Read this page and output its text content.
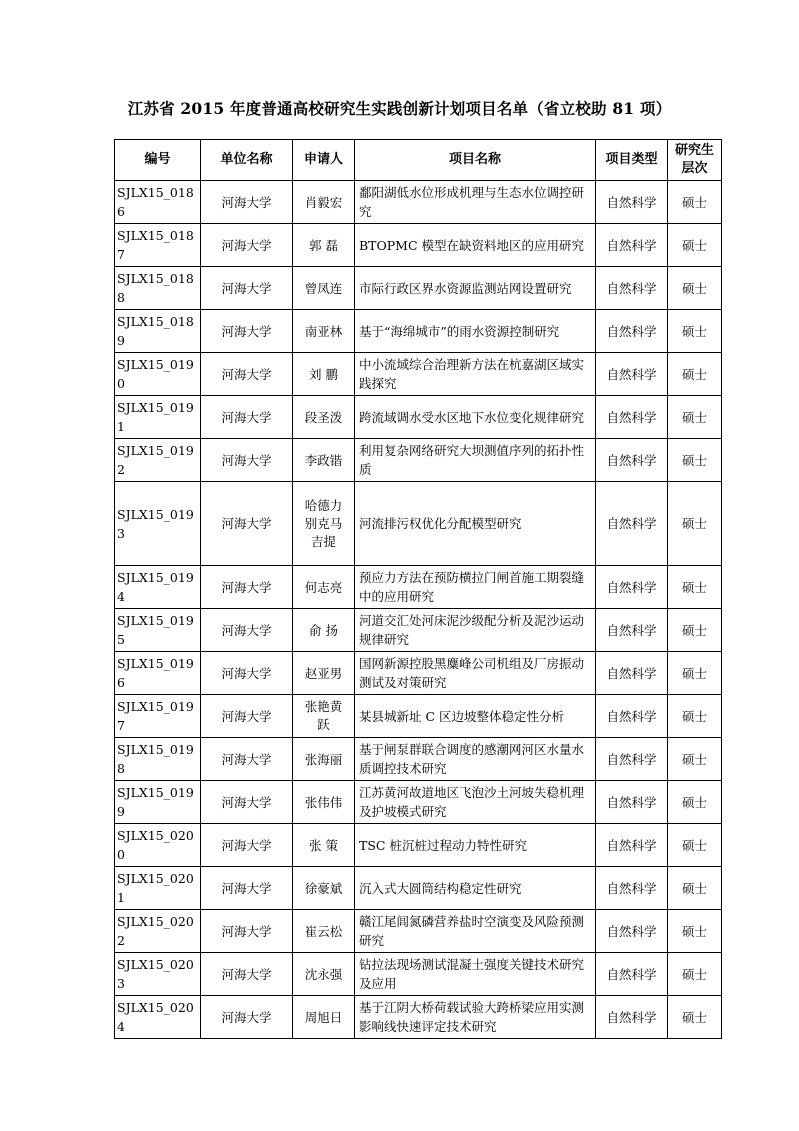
江苏省 2015 年度普通高校研究生实践创新计划项目名单（省立校助 81 项）
编号	单位名称	申请人	项目名称	项目类型	研究生层次
SJLX15_0186	河海大学	肖毅宏	鄱阳湖低水位形成机理与生态水位调控研究	自然科学	硕士
SJLX15_0187	河海大学	郭 磊	BTOPMC 模型在缺资料地区的应用研究	自然科学	硕士
SJLX15_0188	河海大学	曾凤连	市际行政区界水资源监测站网设置研究	自然科学	硕士
SJLX15_0189	河海大学	南亚林	基于“海绵城市”的雨水资源控制研究	自然科学	硕士
SJLX15_0190	河海大学	刘 鹏	中小流域综合治理新方法在杭嘉湖区域实践探究	自然科学	硕士
SJLX15_0191	河海大学	段圣泼	跨流域调水受水区地下水位变化规律研究	自然科学	硕士
SJLX15_0192	河海大学	李政锴	利用复杂网络研究大坝测值序列的拓扑性质	自然科学	硕士
SJLX15_0193	河海大学	哈德力别克马吉提	河流排污权优化分配模型研究	自然科学	硕士
SJLX15_0194	河海大学	何志亮	预应力方法在预防横拉门闸首施工期裂缝中的应用研究	自然科学	硕士
SJLX15_0195	河海大学	俞 扬	河道交汇处河床泥沙级配分析及泥沙运动规律研究	自然科学	硕士
SJLX15_0196	河海大学	赵亚男	国网新源控股黑麋峰公司机组及厂房振动测试及对策研究	自然科学	硕士
SJLX15_0197	河海大学	张艳黄跃	某县城新址 C 区边坡整体稳定性分析	自然科学	硕士
SJLX15_0198	河海大学	张海丽	基于闸泵群联合调度的感潮网河区水量水质调控技术研究	自然科学	硕士
SJLX15_0199	河海大学	张伟伟	江苏黄河故道地区飞泡沙土河坡失稳机理及护坡模式研究	自然科学	硕士
SJLX15_0200	河海大学	张 策	TSC 桩沉桩过程动力特性研究	自然科学	硕士
SJLX15_0201	河海大学	徐豪斌	沉入式大圆筒结构稳定性研究	自然科学	硕士
SJLX15_0202	河海大学	崔云松	赣江尾闾氮磷营养盐时空演变及风险预测研究	自然科学	硕士
SJLX15_0203	河海大学	沈永强	钻拉法现场测试混凝土强度关键技术研究及应用	自然科学	硕士
SJLX15_0204	河海大学	周旭日	基于江阴大桥荷载试验大跨桥梁应用实测影响线快速评定技术研究	自然科学	硕士
